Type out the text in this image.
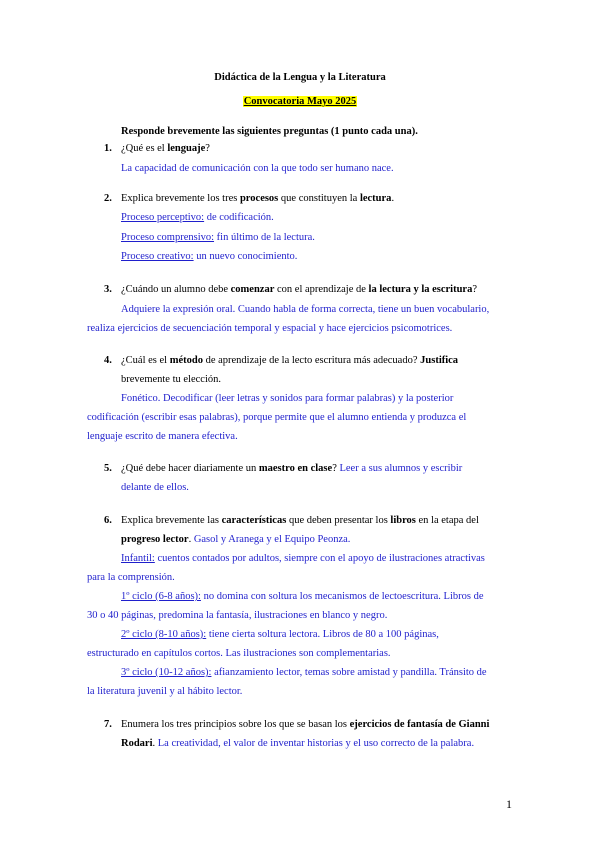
Didáctica de la Lengua y la Literatura
Convocatoria Mayo 2025
Responde brevemente las siguientes preguntas (1 punto cada una).
1. ¿Qué es el lenguaje?
La capacidad de comunicación con la que todo ser humano nace.
2. Explica brevemente los tres procesos que constituyen la lectura.
Proceso perceptivo: de codificación.
Proceso comprensivo: fin último de la lectura.
Proceso creativo: un nuevo conocimiento.
3. ¿Cuándo un alumno debe comenzar con el aprendizaje de la lectura y la escritura?
Adquiere la expresión oral. Cuando habla de forma correcta, tiene un buen vocabulario,
realiza ejercicios de secuenciación temporal y espacial y hace ejercicios psicomotrices.
4. ¿Cuál es el método de aprendizaje de la lecto escritura más adecuado? Justifica
brevemente tu elección.
Fonético. Decodificar (leer letras y sonidos para formar palabras) y la posterior
codificación (escribir esas palabras), porque permite que el alumno entienda y produzca el
lenguaje escrito de manera efectiva.
5. ¿Qué debe hacer diariamente un maestro en clase? Leer a sus alumnos y escribir
delante de ellos.
6. Explica brevemente las características que deben presentar los libros en la etapa del
progreso lector. Gasol y Aranega y el Equipo Peonza.
Infantil: cuentos contados por adultos, siempre con el apoyo de ilustraciones atractivas
para la comprensión.
1º ciclo (6-8 años): no domina con soltura los mecanismos de lectoescritura. Libros de
30 o 40 páginas, predomina la fantasía, ilustraciones en blanco y negro.
2º ciclo (8-10 años): tiene cierta soltura lectora. Libros de 80 a 100 páginas,
estructurado en capítulos cortos. Las ilustraciones son complementarias.
3º ciclo (10-12 años): afianzamiento lector, temas sobre amistad y pandilla. Tránsito de
la literatura juvenil y al hábito lector.
7. Enumera los tres principios sobre los que se basan los ejercicios de fantasía de Gianni
Rodari. La creatividad, el valor de inventar historias y el uso correcto de la palabra.
1
